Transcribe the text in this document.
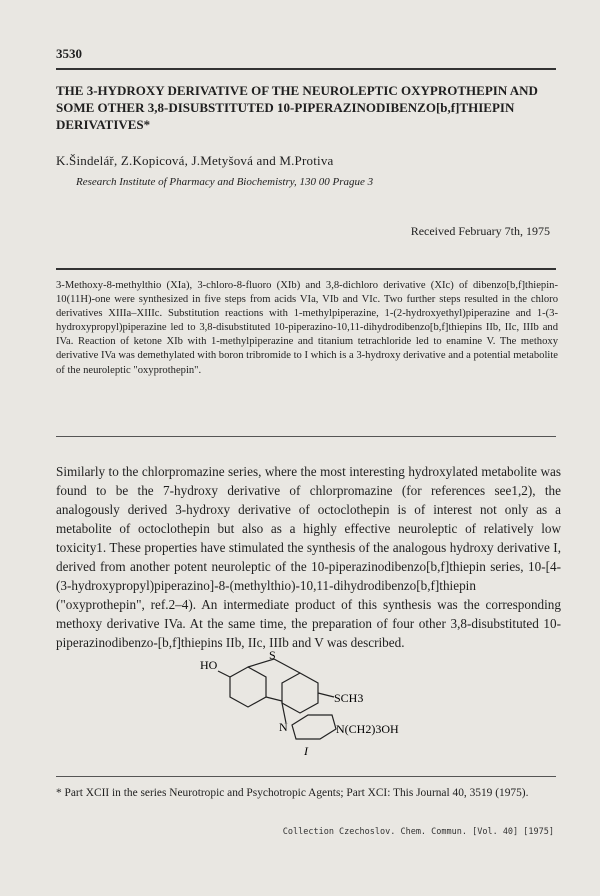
3530
THE 3-HYDROXY DERIVATIVE OF THE NEUROLEPTIC OXYPROTHEPIN AND SOME OTHER 3,8-DISUBSTITUTED 10-PIPERAZINODIBENZO[b,f]THIEPIN DERIVATIVES*
K.Šindelář, Z.Kopicová, J.Metyšová and M.Protiva
Research Institute of Pharmacy and Biochemistry, 130 00 Prague 3
Received February 7th, 1975

3-Methoxy-8-methylthio (XIa), 3-chloro-8-fluoro (XIb) and 3,8-dichloro derivative (XIc) of dibenzo[b,f]thiepin-10(11H)-one were synthesized in five steps from acids VIa, VIb and VIc. Two further steps resulted in the chloro derivatives XIIIa–XIIIc. Substitution reactions with 1-methylpiperazine, 1-(2-hydroxyethyl)piperazine and 1-(3-hydroxypropyl)piperazine led to 3,8-disubstituted 10-piperazino-10,11-dihydrodibenzo[b,f]thiepins IIb, IIc, IIIb and IVa. Reaction of ketone XIb with 1-methylpiperazine and titanium tetrachloride led to enamine V. The methoxy derivative IVa was demethylated with boron tribromide to I which is a 3-hydroxy derivative and a potential metabolite of the neuroleptic "oxyprothepin".

Similarly to the chlorpromazine series, where the most interesting hydroxylated metabolite was found to be the 7-hydroxy derivative of chlorpromazine (for references see1,2), the analogously derived 3-hydroxy derivative of octoclothepin is of interest not only as a metabolite of octoclothepin but also as a highly effective neuroleptic of relatively low toxicity1. These properties have stimulated the synthesis of the analogous hydroxy derivative I, derived from another potent neuroleptic of the 10-piperazinodibenzo[b,f]thiepin series, 10-[4-(3-hydroxypropyl)piperazino]-8-(methylthio)-10,11-dihydrodibenzo[b,f]thiepin ("oxyprothepin", ref.2–4). An intermediate product of this synthesis was the corresponding methoxy derivative IVa. At the same time, the preparation of four other 3,8-disubstituted 10-piperazinodibenzo-[b,f]thiepins IIb, IIc, IIIb and V was described.

HO
S
SCH3
N	N(CH2)3OH
I

* Part XCII in the series Neurotropic and Psychotropic Agents; Part XCI: This Journal 40, 3519 (1975).

Collection Czechoslov. Chem. Commun. [Vol. 40] [1975]
